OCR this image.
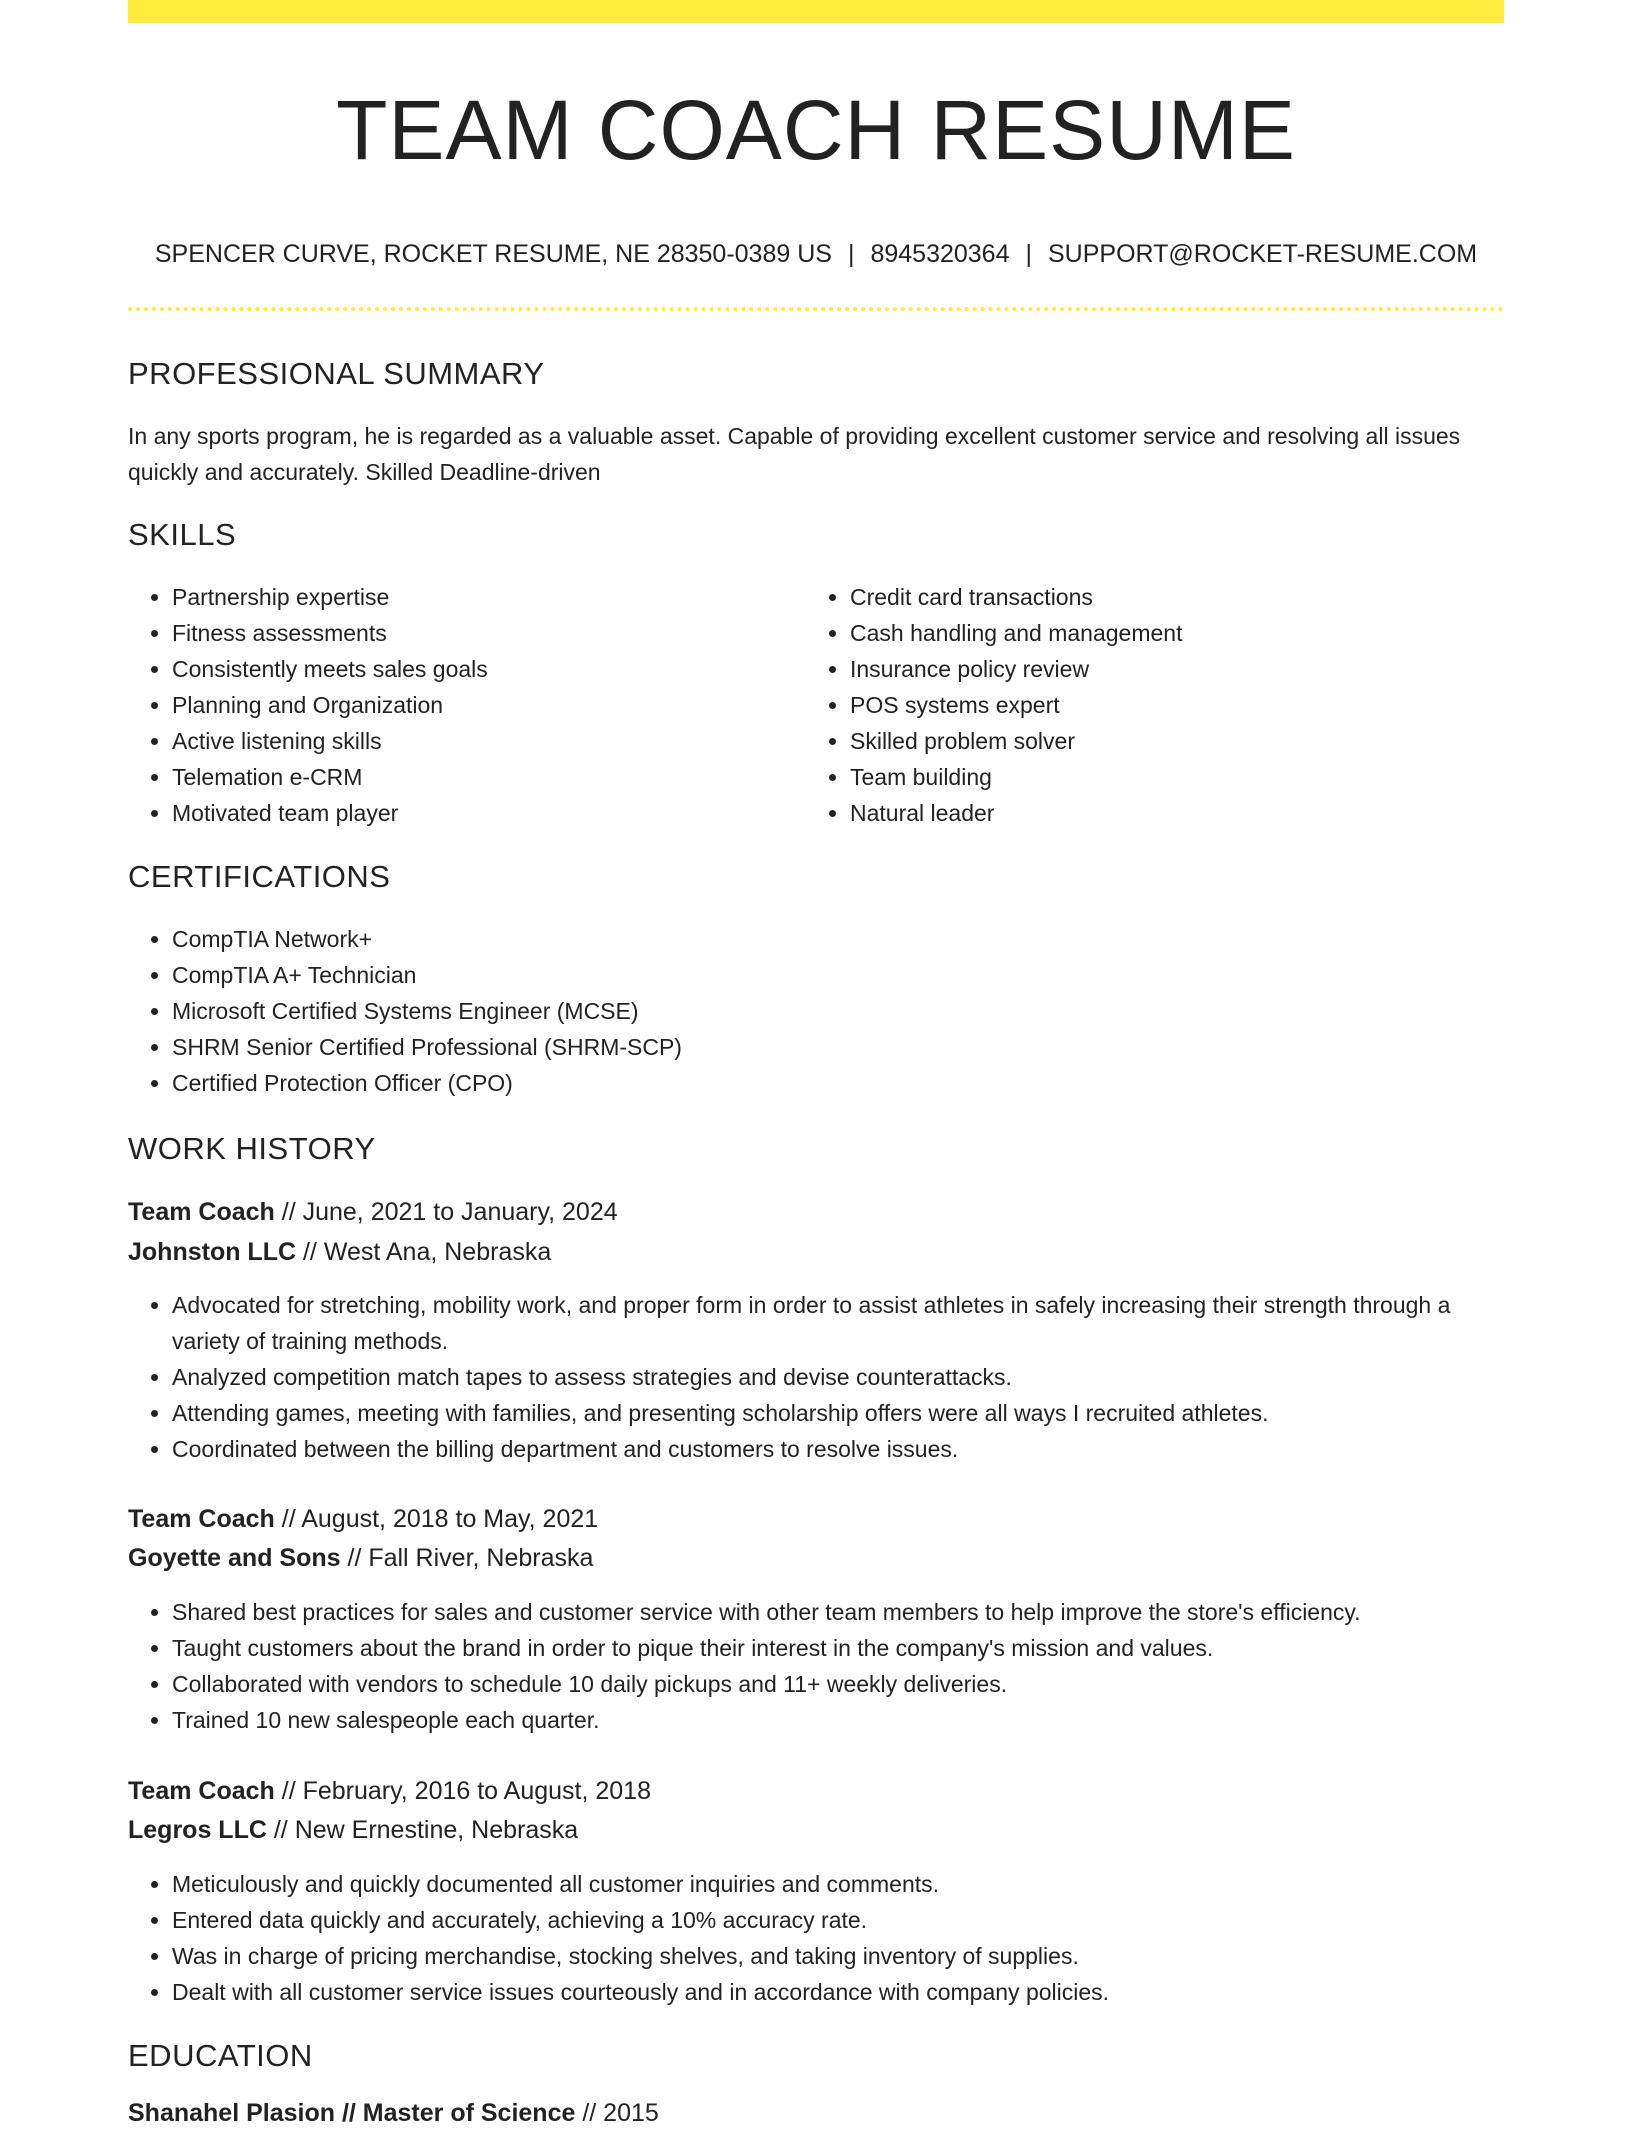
TEAM COACH RESUME
SPENCER CURVE, ROCKET RESUME, NE 28350-0389 US | 8945320364 | SUPPORT@ROCKET-RESUME.COM
PROFESSIONAL SUMMARY

In any sports program, he is regarded as a valuable asset. Capable of providing excellent customer service and resolving all issues quickly and accurately. Skilled Deadline-driven

SKILLS
• Partnership expertise
• Fitness assessments
• Consistently meets sales goals
• Planning and Organization
• Active listening skills
• Telemation e-CRM
• Motivated team player
• Credit card transactions
• Cash handling and management
• Insurance policy review
• POS systems expert
• Skilled problem solver
• Team building
• Natural leader
CERTIFICATIONS
• CompTIA Network+
• CompTIA A+ Technician
• Microsoft Certified Systems Engineer (MCSE)
• SHRM Senior Certified Professional (SHRM-SCP)
• Certified Protection Officer (CPO)
WORK HISTORY
Team Coach // June, 2021 to January, 2024
Johnston LLC // West Ana, Nebraska
• Advocated for stretching, mobility work, and proper form in order to assist athletes in safely increasing their strength through a variety of training methods.
• Analyzed competition match tapes to assess strategies and devise counterattacks.
• Attending games, meeting with families, and presenting scholarship offers were all ways I recruited athletes.
• Coordinated between the billing department and customers to resolve issues.
Team Coach // August, 2018 to May, 2021
Goyette and Sons // Fall River, Nebraska
• Shared best practices for sales and customer service with other team members to help improve the store's efficiency.
• Taught customers about the brand in order to pique their interest in the company's mission and values.
• Collaborated with vendors to schedule 10 daily pickups and 11+ weekly deliveries.
• Trained 10 new salespeople each quarter.
Team Coach // February, 2016 to August, 2018
Legros LLC // New Ernestine, Nebraska
• Meticulously and quickly documented all customer inquiries and comments.
• Entered data quickly and accurately, achieving a 10% accuracy rate.
• Was in charge of pricing merchandise, stocking shelves, and taking inventory of supplies.
• Dealt with all customer service issues courteously and in accordance with company policies.
EDUCATION
Shanahel Plasion // Master of Science // 2015
